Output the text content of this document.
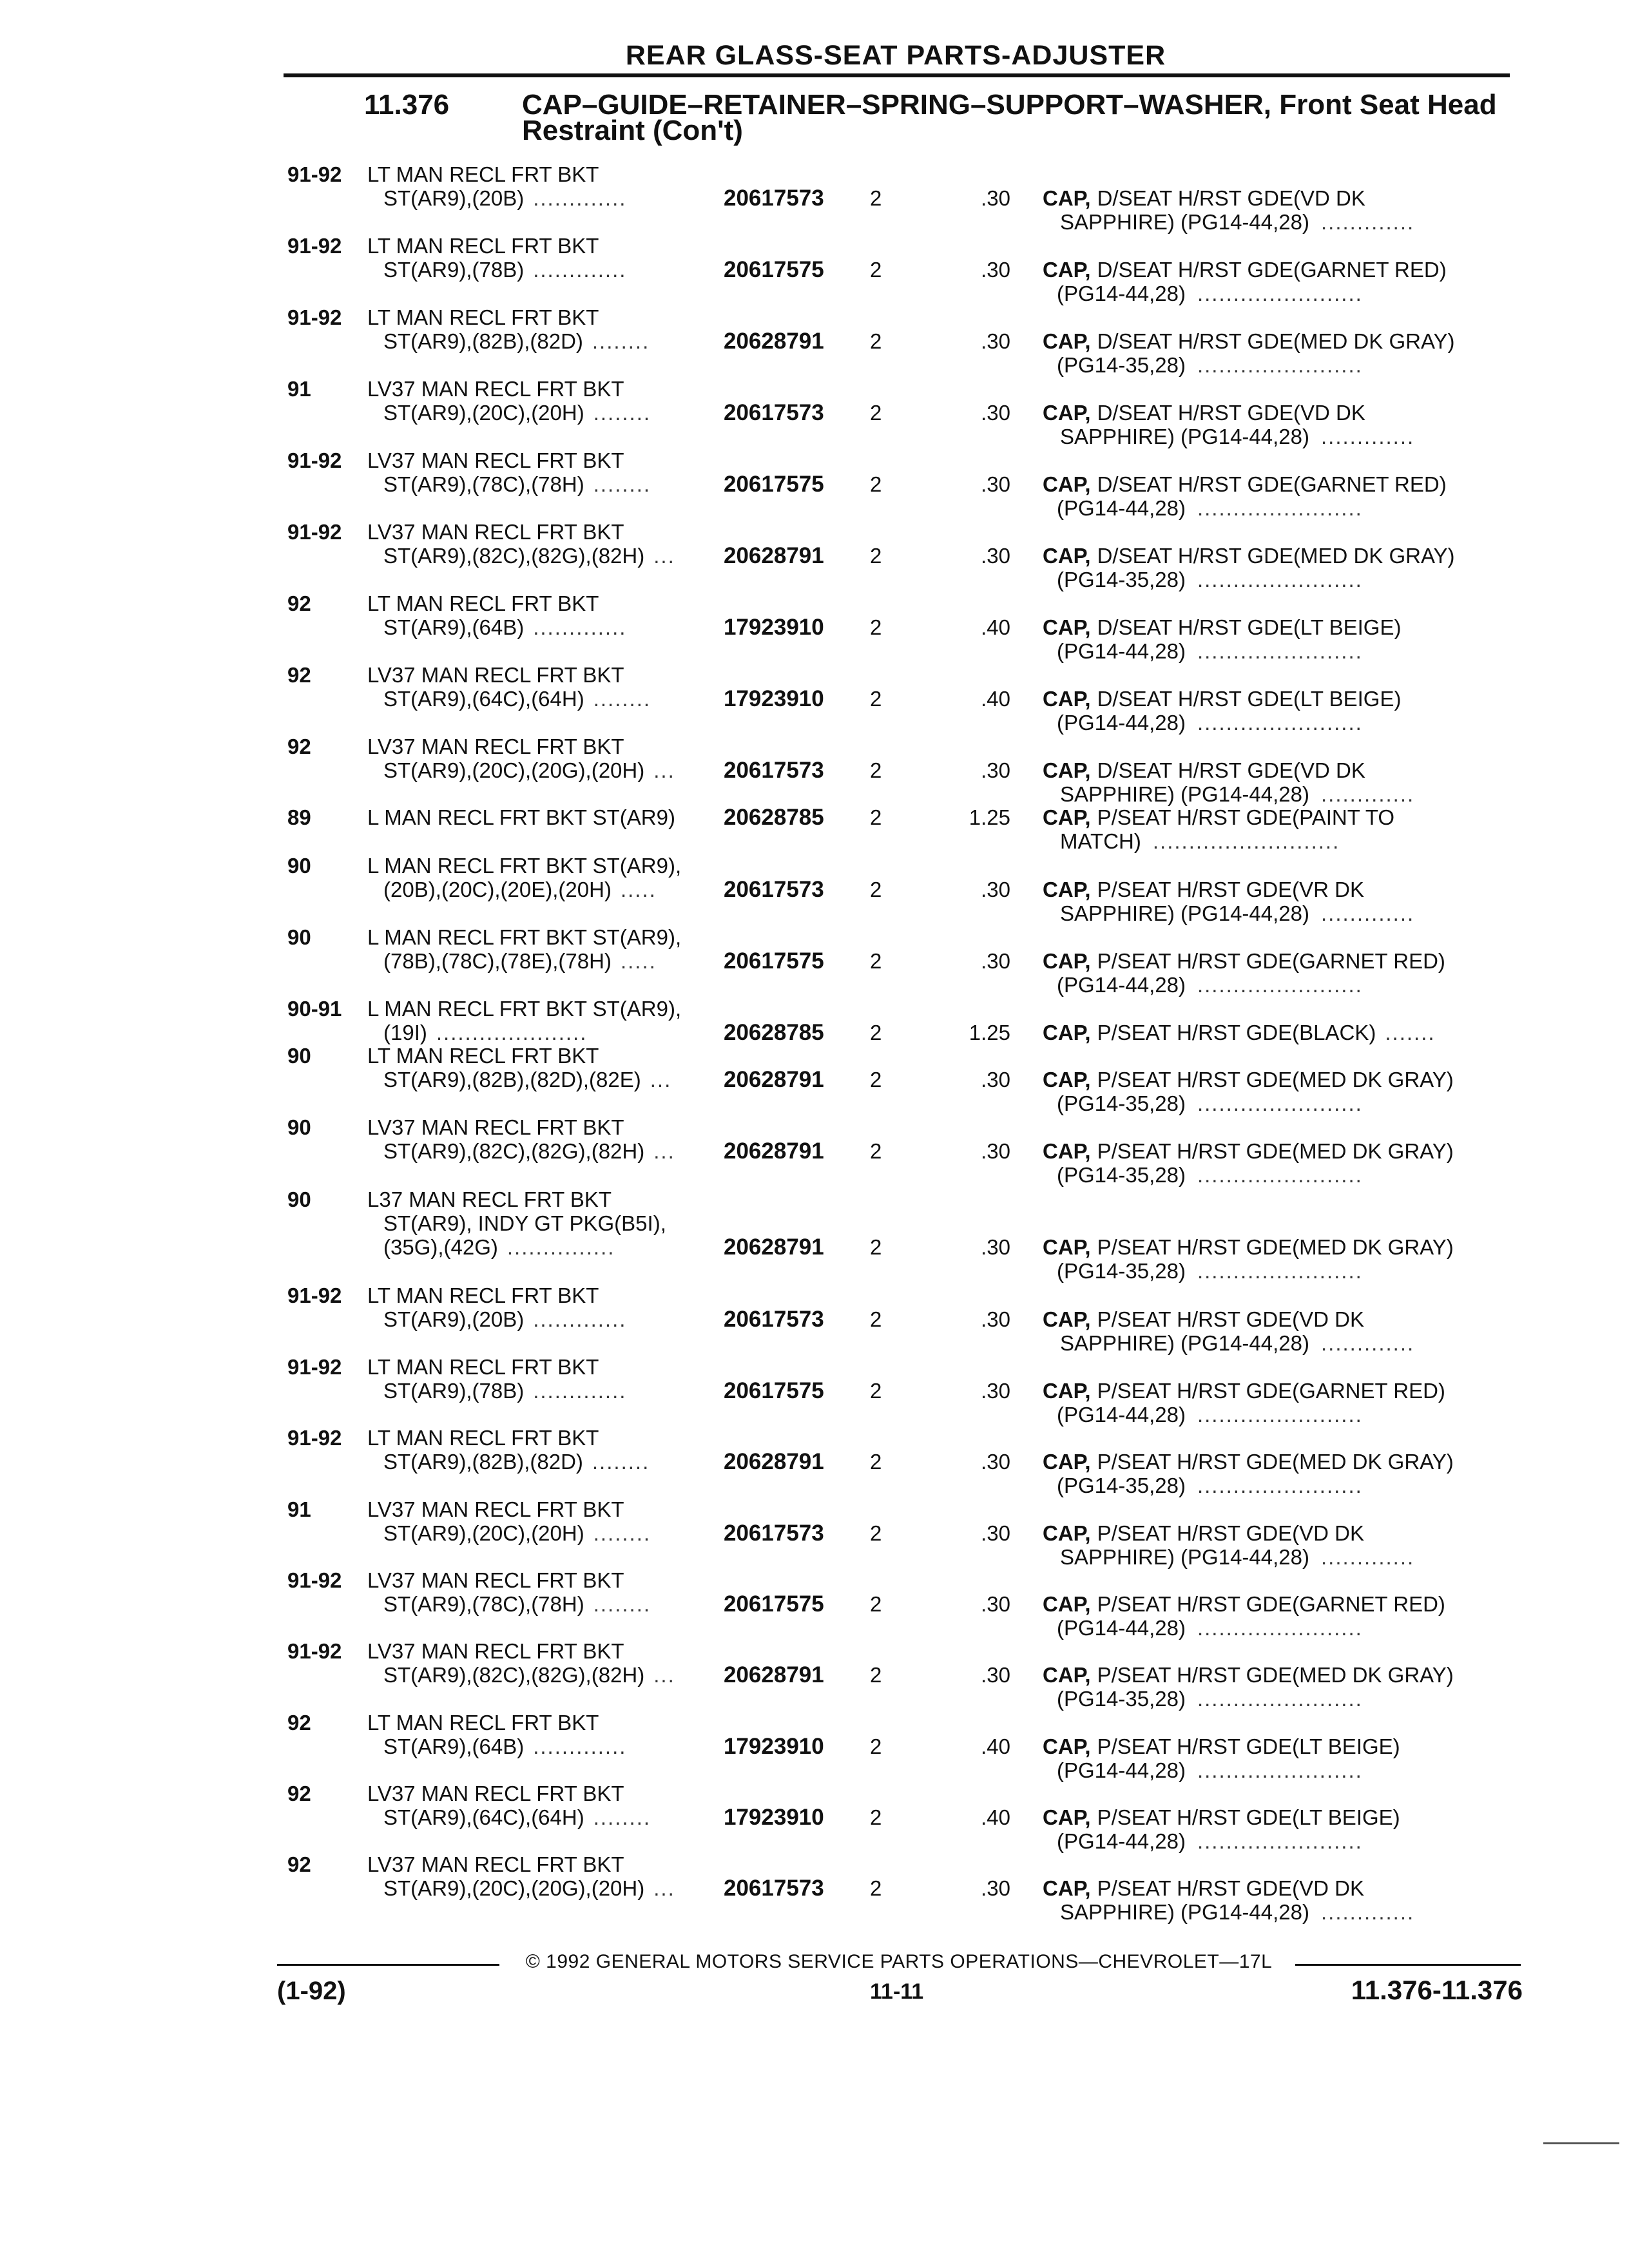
REAR GLASS-SEAT PARTS-ADJUSTER
11.376	CAP–GUIDE–RETAINER–SPRING–SUPPORT–WASHER, Front Seat Head
Restraint (Con't)
91-92 LT MAN RECL FRT BKT
ST(AR9),(20B) .............	20617573 2	.30 CAP, D/SEAT H/RST GDE(VD DK
SAPPHIRE) (PG14-44,28) .............
91-92 LT MAN RECL FRT BKT
ST(AR9),(78B) .............	20617575 2	.30 CAP, D/SEAT H/RST GDE(GARNET RED)
(PG14-44,28) .......................
91-92 LT MAN RECL FRT BKT
ST(AR9),(82B),(82D) ........	20628791 2	.30 CAP, D/SEAT H/RST GDE(MED DK GRAY)
(PG14-35,28) .......................
91	LV37 MAN RECL FRT BKT
ST(AR9),(20C),(20H) ........	20617573 2	.30 CAP, D/SEAT H/RST GDE(VD DK
SAPPHIRE) (PG14-44,28) .............
91-92 LV37 MAN RECL FRT BKT
ST(AR9),(78C),(78H) ........	20617575 2	.30 CAP, D/SEAT H/RST GDE(GARNET RED)
(PG14-44,28) .......................
91-92 LV37 MAN RECL FRT BKT
ST(AR9),(82C),(82G),(82H) ... 20628791 2	.30 CAP, D/SEAT H/RST GDE(MED DK GRAY)
(PG14-35,28) .......................
92	LT MAN RECL FRT BKT
ST(AR9),(64B) .............	17923910 2	.40 CAP, D/SEAT H/RST GDE(LT BEIGE)
(PG14-44,28) .......................
92	LV37 MAN RECL FRT BKT
ST(AR9),(64C),(64H) ........	17923910 2	.40 CAP, D/SEAT H/RST GDE(LT BEIGE)
(PG14-44,28) .......................
92	LV37 MAN RECL FRT BKT
ST(AR9),(20C),(20G),(20H) ... 20617573 2	.30 CAP, D/SEAT H/RST GDE(VD DK
SAPPHIRE) (PG14-44,28) .............
89	L MAN RECL FRT BKT ST(AR9) 20628785 2	1.25 CAP, P/SEAT H/RST GDE(PAINT TO
MATCH) ..........................
90	L MAN RECL FRT BKT ST(AR9),
(20B),(20C),(20E),(20H) .....	20617573 2	.30 CAP, P/SEAT H/RST GDE(VR DK
SAPPHIRE) (PG14-44,28) .............
90	L MAN RECL FRT BKT ST(AR9),
(78B),(78C),(78E),(78H) .....	20617575 2	.30 CAP, P/SEAT H/RST GDE(GARNET RED)
(PG14-44,28) .......................
90-91 L MAN RECL FRT BKT ST(AR9),
(19I) .....................	20628785 2	1.25 CAP, P/SEAT H/RST GDE(BLACK) .......
90	LT MAN RECL FRT BKT
ST(AR9),(82B),(82D),(82E) ... 20628791 2	.30 CAP, P/SEAT H/RST GDE(MED DK GRAY)
(PG14-35,28) .......................
90	LV37 MAN RECL FRT BKT
ST(AR9),(82C),(82G),(82H) ... 20628791 2	.30 CAP, P/SEAT H/RST GDE(MED DK GRAY)
(PG14-35,28) .......................
90	L37 MAN RECL FRT BKT
ST(AR9), INDY GT PKG(B5I),
(35G),(42G) ...............	20628791 2	.30 CAP, P/SEAT H/RST GDE(MED DK GRAY)
(PG14-35,28) .......................
91-92 LT MAN RECL FRT BKT
ST(AR9),(20B) .............	20617573 2	.30 CAP, P/SEAT H/RST GDE(VD DK
SAPPHIRE) (PG14-44,28) .............
91-92 LT MAN RECL FRT BKT
ST(AR9),(78B) .............	20617575 2	.30 CAP, P/SEAT H/RST GDE(GARNET RED)
(PG14-44,28) .......................
91-92 LT MAN RECL FRT BKT
ST(AR9),(82B),(82D) ........	20628791 2	.30 CAP, P/SEAT H/RST GDE(MED DK GRAY)
(PG14-35,28) .......................
91	LV37 MAN RECL FRT BKT
ST(AR9),(20C),(20H) ........	20617573 2	.30 CAP, P/SEAT H/RST GDE(VD DK
SAPPHIRE) (PG14-44,28) .............
91-92 LV37 MAN RECL FRT BKT
ST(AR9),(78C),(78H) ........	20617575 2	.30 CAP, P/SEAT H/RST GDE(GARNET RED)
(PG14-44,28) .......................
91-92 LV37 MAN RECL FRT BKT
ST(AR9),(82C),(82G),(82H) ... 20628791 2	.30 CAP, P/SEAT H/RST GDE(MED DK GRAY)
(PG14-35,28) .......................
92	LT MAN RECL FRT BKT
ST(AR9),(64B) .............	17923910 2	.40 CAP, P/SEAT H/RST GDE(LT BEIGE)
(PG14-44,28) .......................
92	LV37 MAN RECL FRT BKT
ST(AR9),(64C),(64H) ........	17923910 2	.40 CAP, P/SEAT H/RST GDE(LT BEIGE)
(PG14-44,28) .......................
92	LV37 MAN RECL FRT BKT
ST(AR9),(20C),(20G),(20H) ... 20617573 2	.30 CAP, P/SEAT H/RST GDE(VD DK
SAPPHIRE) (PG14-44,28) .............
© 1992 GENERAL MOTORS SERVICE PARTS OPERATIONS—CHEVROLET—17L
(1-92)	11-11	11.376-11.376
